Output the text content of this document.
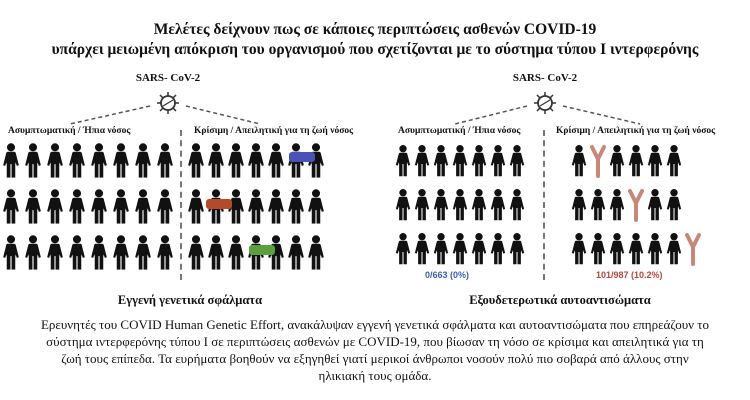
Μελέτες δείχνουν πως σε κάποιες περιπτώσεις ασθενών COVID-19
υπάρχει μειωμένη απόκριση του οργανισμού που σχετίζονται με το σύστημα τύπου Ι ιντερφερόνης
SARS- CoV-2
Ασυμπτωματική / Ήπια νόσος	Κρίσιμη / Απειλητική για τη ζωή νόσος
Εγγενή γενετικά σφάλματα
SARS- CoV-2
Ασυμπτωματική / Ήπια νόσος	Κρίσιμη / Απειλητική για τη ζωή νόσος
0/663 (0%)	101/987 (10.2%)
Εξουδετερωτικά αυτοαντισώματα
Ερευνητές του COVID Human Genetic Effort, ανακάλυψαν εγγενή γενετικά σφάλματα και αυτοαντισώματα που επηρεάζουν το σύστημα ιντερφερόνης τύπου Ι σε περιπτώσεις ασθενών με COVID-19, που βίωσαν τη νόσο σε κρίσιμα και απειλητικά για τη ζωή τους επίπεδα. Τα ευρήματα βοηθούν να εξηγηθεί γιατί μερικοί άνθρωποι νοσούν πολύ πιο σοβαρά από άλλους στην ηλικιακή τους ομάδα.
